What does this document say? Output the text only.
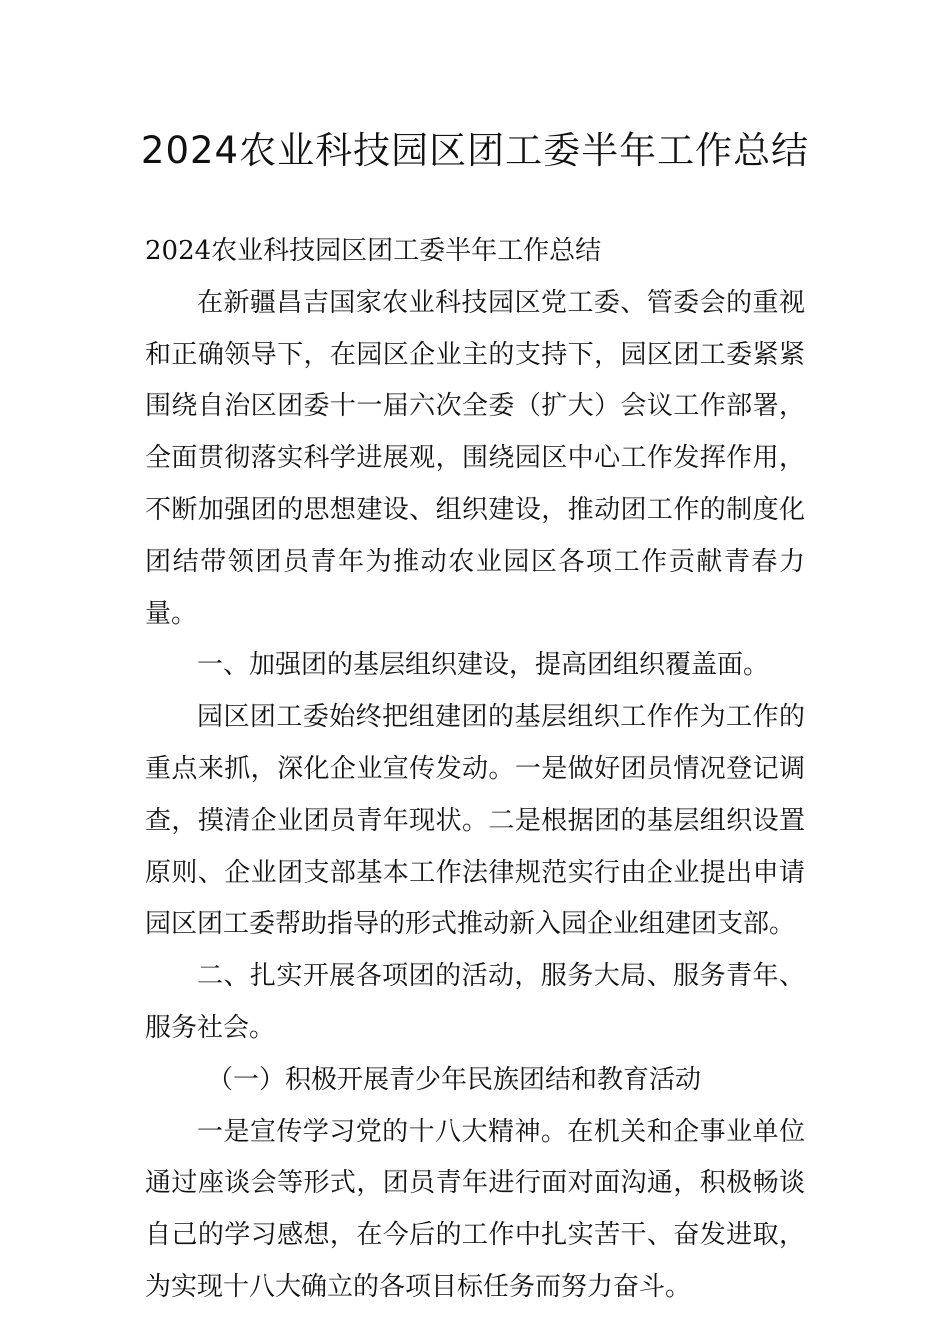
2024农业科技园区团工委半年工作总结

2024农业科技园区团工委半年工作总结

在新疆昌吉国家农业科技园区党工委、管委会的重视和正确领导下，在园区企业主的支持下，园区团工委紧紧围绕自治区团委十一届六次全委（扩大）会议工作部署，全面贯彻落实科学进展观，围绕园区中心工作发挥作用，不断加强团的思想建设、组织建设，推动团工作的制度化团结带领团员青年为推动农业园区各项工作贡献青春力量。

一、加强团的基层组织建设，提高团组织覆盖面。

园区团工委始终把组建团的基层组织工作作为工作的重点来抓，深化企业宣传发动。一是做好团员情况登记调查，摸清企业团员青年现状。二是根据团的基层组织设置原则、企业团支部基本工作法律规范实行由企业提出申请园区团工委帮助指导的形式推动新入园企业组建团支部。

二、扎实开展各项团的活动，服务大局、服务青年、服务社会。

（一）积极开展青少年民族团结和教育活动

一是宣传学习党的十八大精神。在机关和企事业单位通过座谈会等形式，团员青年进行面对面沟通，积极畅谈自己的学习感想，在今后的工作中扎实苦干、奋发进取，为实现十八大确立的各项目标任务而努力奋斗。
